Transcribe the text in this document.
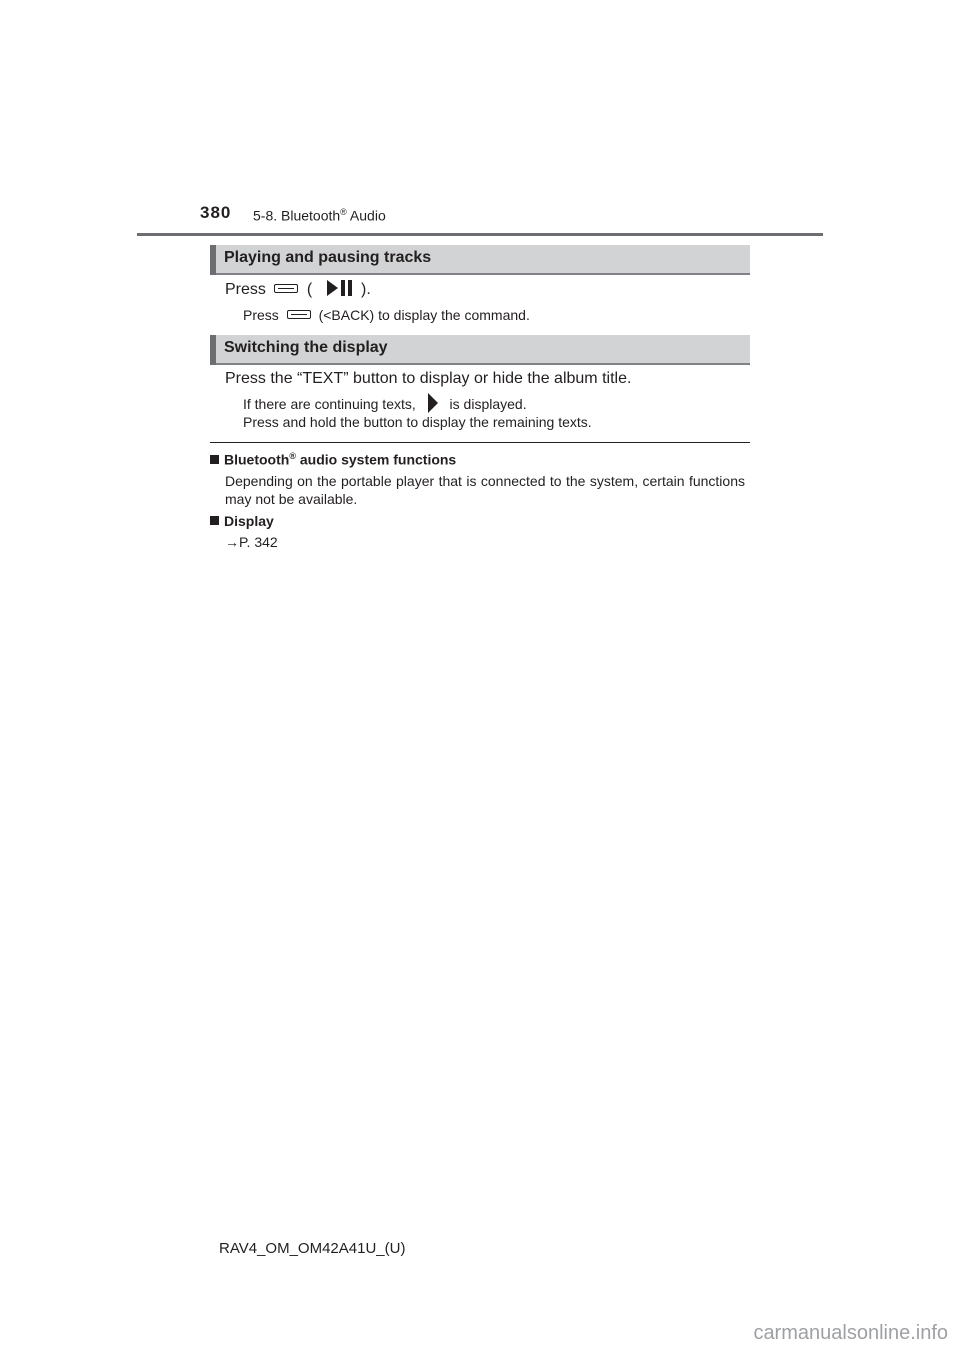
380 5-8. Bluetooth® Audio
Playing and pausing tracks
Press	(	).
Press	(<BACK) to display the command.
Switching the display
Press the “TEXT” button to display or hide the album title.
If there are continuing texts, is displayed.
Press and hold the button to display the remaining texts.
Bluetooth® audio system functions
Depending on the portable player that is connected to the system, certain functions may not be available.
Display
→P. 342
RAV4_OM_OM42A41U_(U)
carmanualsonline.info
